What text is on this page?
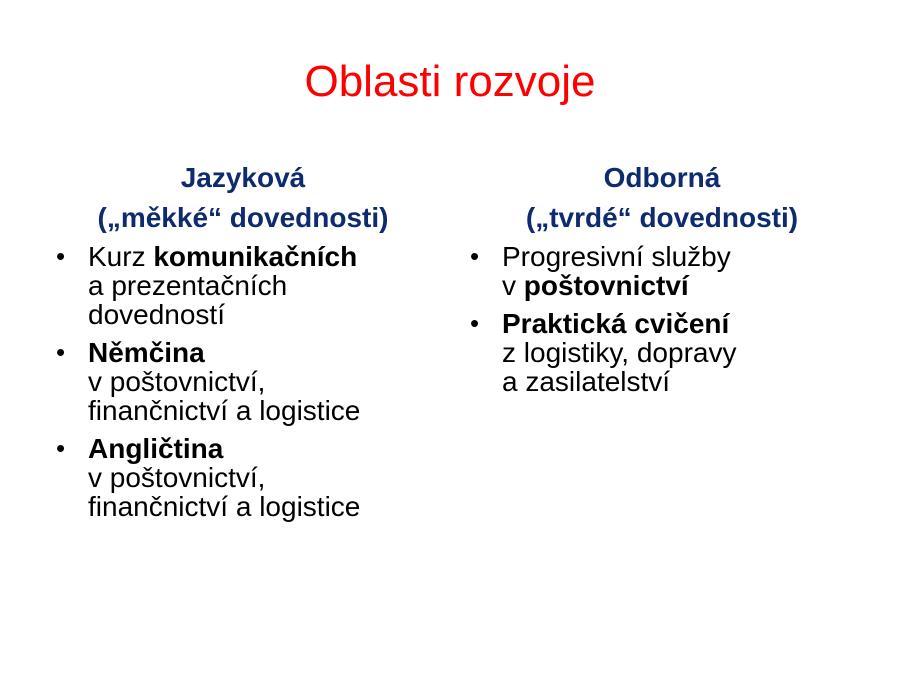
Oblasti rozvoje
Jazyková
(„měkké“ dovednosti)
• Kurz komunikačních
a prezentačních
dovedností
• Němčina
v poštovnictví,
finančnictví a logistice
• Angličtina
v poštovnictví,
finančnictví a logistice
Odborná
(„tvrdé“ dovednosti)
• Progresivní služby
v poštovnictví
• Praktická cvičení
z logistiky, dopravy
a zasilatelství
